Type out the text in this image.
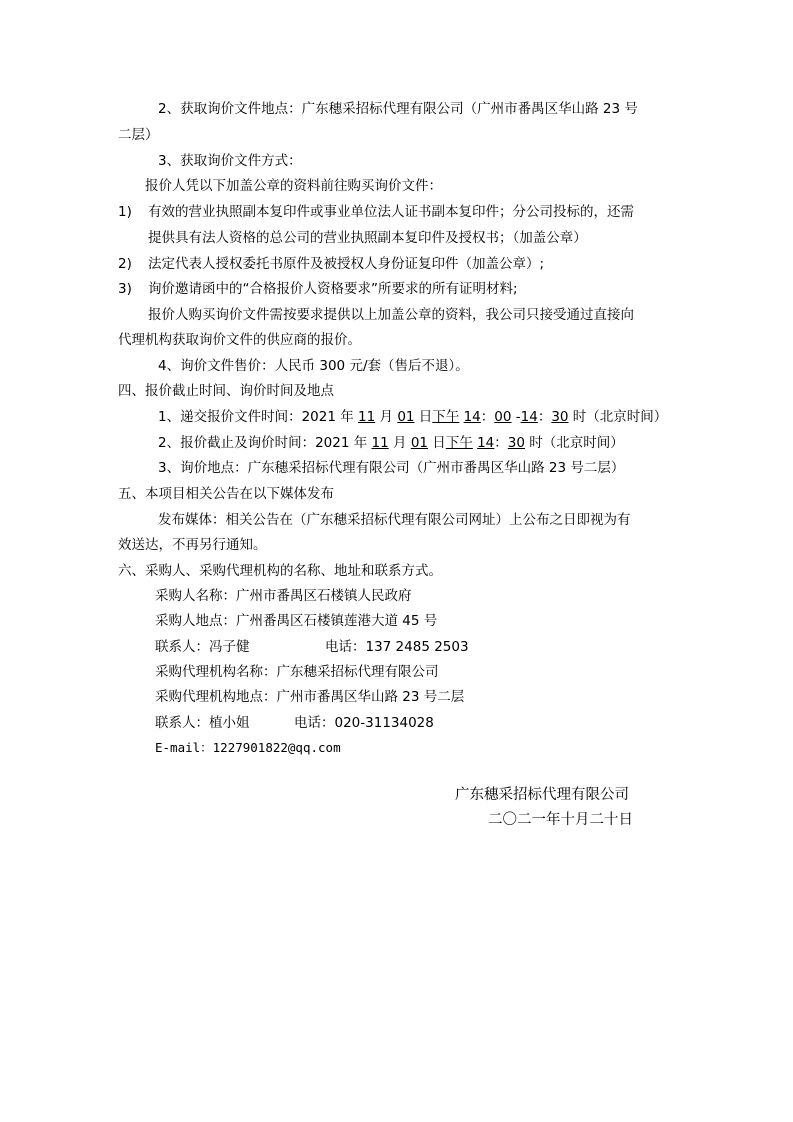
2、获取询价文件地点：广东穗采招标代理有限公司（广州市番禺区华山路 23 号
二层）
3、获取询价文件方式：
报价人凭以下加盖公章的资料前往购买询价文件：
1) 有效的营业执照副本复印件或事业单位法人证书副本复印件；分公司投标的，还需
提供具有法人资格的总公司的营业执照副本复印件及授权书；（加盖公章）
2) 法定代表人授权委托书原件及被授权人身份证复印件（加盖公章）;
3) 询价邀请函中的“合格报价人资格要求”所要求的所有证明材料;
报价人购买询价文件需按要求提供以上加盖公章的资料，我公司只接受通过直接向
代理机构获取询价文件的供应商的报价。
4、询价文件售价：人民币 300 元/套（售后不退）。
四、报价截止时间、询价时间及地点
1、递交报价文件时间：2021 年 11 月 01 日下午 14：00 -14：30 时（北京时间）
2、报价截止及询价时间：2021 年 11 月 01 日下午 14：30 时（北京时间）
3、询价地点：广东穗采招标代理有限公司（广州市番禺区华山路 23 号二层）
五、本项目相关公告在以下媒体发布
发布媒体：相关公告在（广东穗采招标代理有限公司网址）上公布之日即视为有
效送达，不再另行通知。
六、采购人、采购代理机构的名称、地址和联系方式。
采购人名称：广州市番禺区石楼镇人民政府
采购人地点：广州番禺区石楼镇莲港大道 45 号
联系人：冯子健	电话：137 2485 2503
采购代理机构名称：广东穗采招标代理有限公司
采购代理机构地点：广州市番禺区华山路 23 号二层
联系人：植小姐	电话：020-31134028
E-mail：1227901822@qq.com
广东穗采招标代理有限公司
二〇二一年十月二十日
